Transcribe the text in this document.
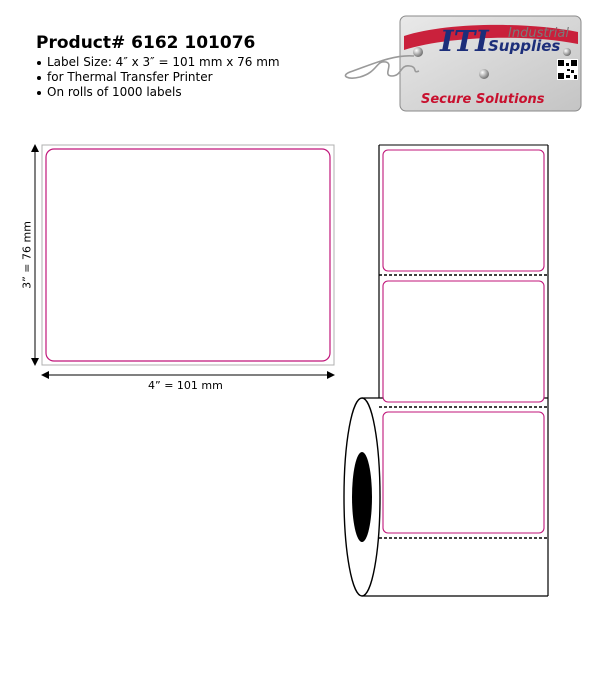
Product# 6162 101076
Label Size: 4″ x 3″ = 101 mm x 76 mm
for Thermal Transfer Printer
On rolls of 1000 labels
ITI Industrial
Supplies
Secure Solutions
4” = 101 mm
3” = 76 mm
